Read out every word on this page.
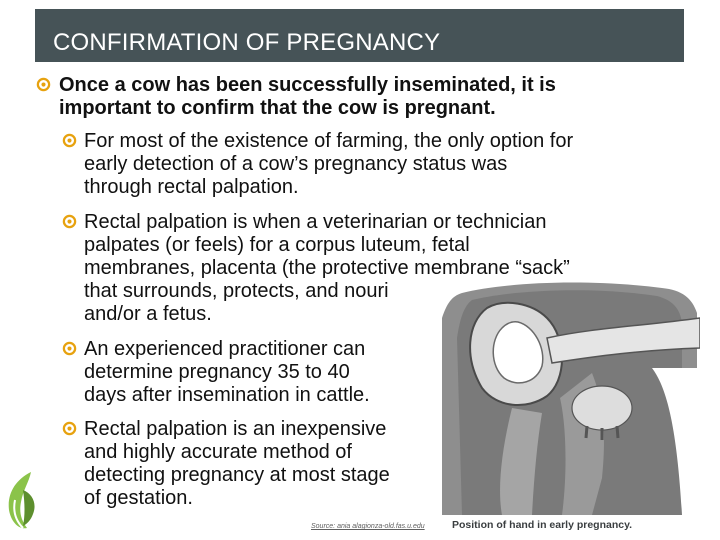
CONFIRMATION OF PREGNANCY
Source: ania alagionza-old.fas.u.edu	Position of hand in early pregnancy.
Once a cow has been successfully inseminated, it is
important to confirm that the cow is pregnant.
For most of the existence of farming, the only option for
early detection of a cow’s pregnancy status was
through rectal palpation.
Rectal palpation is when a veterinarian or technician
palpates (or feels) for a corpus luteum, fetal
membranes, placenta (the protective membrane “sack”
that surrounds, protects, and nouri
and/or a fetus.
An experienced practitioner can
determine pregnancy 35 to 40
days after insemination in cattle.
Rectal palpation is an inexpensive
and highly accurate method of
detecting pregnancy at most stage
of gestation.
